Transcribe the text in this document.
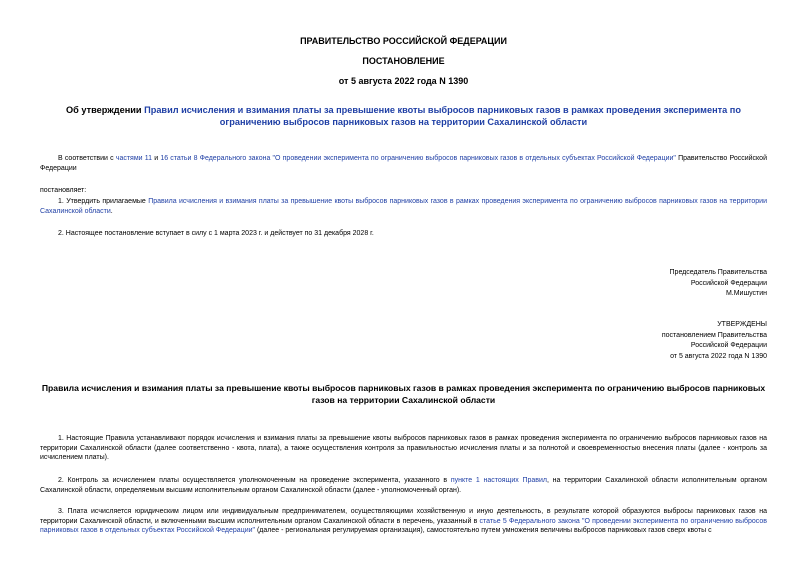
ПРАВИТЕЛЬСТВО РОССИЙСКОЙ ФЕДЕРАЦИИ
ПОСТАНОВЛЕНИЕ
от 5 августа 2022 года N 1390
Об утверждении Правил исчисления и взимания платы за превышение квоты выбросов парниковых газов в рамках проведения эксперимента по ограничению выбросов парниковых газов на территории Сахалинской области
В соответствии с частями 11 и 16 статьи 8 Федерального закона "О проведении эксперимента по ограничению выбросов парниковых газов в отдельных субъектах Российской Федерации" Правительство Российской Федерации
постановляет:
1. Утвердить прилагаемые Правила исчисления и взимания платы за превышение квоты выбросов парниковых газов в рамках проведения эксперимента по ограничению выбросов парниковых газов на территории Сахалинской области.
2. Настоящее постановление вступает в силу с 1 марта 2023 г. и действует по 31 декабря 2028 г.
Председатель Правительства
Российской Федерации
М.Мишустин
УТВЕРЖДЕНЫ
постановлением Правительства
Российской Федерации
от 5 августа 2022 года N 1390
Правила исчисления и взимания платы за превышение квоты выбросов парниковых газов в рамках проведения эксперимента по ограничению выбросов парниковых газов на территории Сахалинской области
1. Настоящие Правила устанавливают порядок исчисления и взимания платы за превышение квоты выбросов парниковых газов в рамках проведения эксперимента по ограничению выбросов парниковых газов на территории Сахалинской области (далее соответственно - квота, плата), а также осуществления контроля за правильностью исчисления платы и за полнотой и своевременностью внесения платы (далее - контроль за исчислением платы).
2. Контроль за исчислением платы осуществляется уполномоченным на проведение эксперимента, указанного в пункте 1 настоящих Правил, на территории Сахалинской области исполнительным органом Сахалинской области, определяемым высшим исполнительным органом Сахалинской области (далее - уполномоченный орган).
3. Плата исчисляется юридическим лицом или индивидуальным предпринимателем, осуществляющими хозяйственную и иную деятельность, в результате которой образуются выбросы парниковых газов на территории Сахалинской области, и включенными высшим исполнительным органом Сахалинской области в перечень, указанный в статье 5 Федерального закона "О проведении эксперимента по ограничению выбросов парниковых газов в отдельных субъектах Российской Федерации" (далее - региональная регулируемая организация), самостоятельно путем умножения величины выбросов парниковых газов сверх квоты с
